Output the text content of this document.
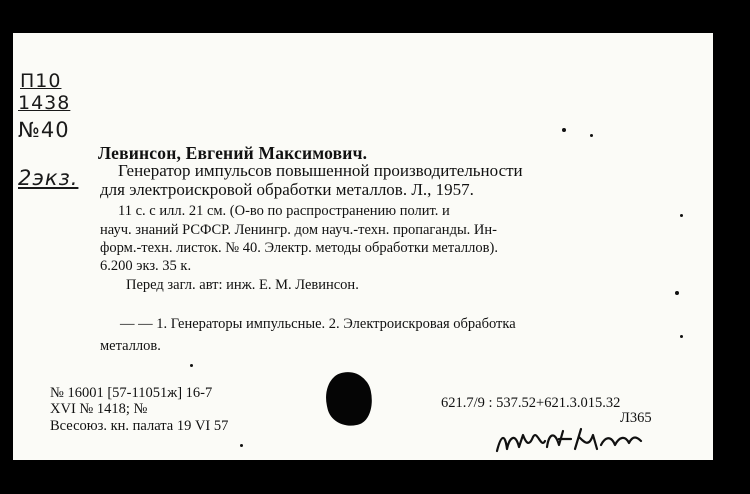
П10
1438
№40
2экз.
Левинсон, Евгений Максимович.
Генератор импульсов повышенной производительности
для электроискровой обработки металлов. Л., 1957.
11 с. с илл. 21 см. (О-во по распространению полит. и
науч. знаний РСФСР. Ленингр. дом науч.-техн. пропаганды. Ин-
форм.-техн. листок. № 40. Электр. методы обработки металлов).
6.200 экз. 35 к.
Перед загл. авт: инж. Е. М. Левинсон.
— — 1. Генераторы импульсные. 2. Электроискровая обработка
металлов.
№ 16001 [57-11051ж] 16-7
XVI № 1418; №
Всесоюз. кн. палата 19 VI 57
621.7/9 : 537.52+621.3.015.32
Л365
